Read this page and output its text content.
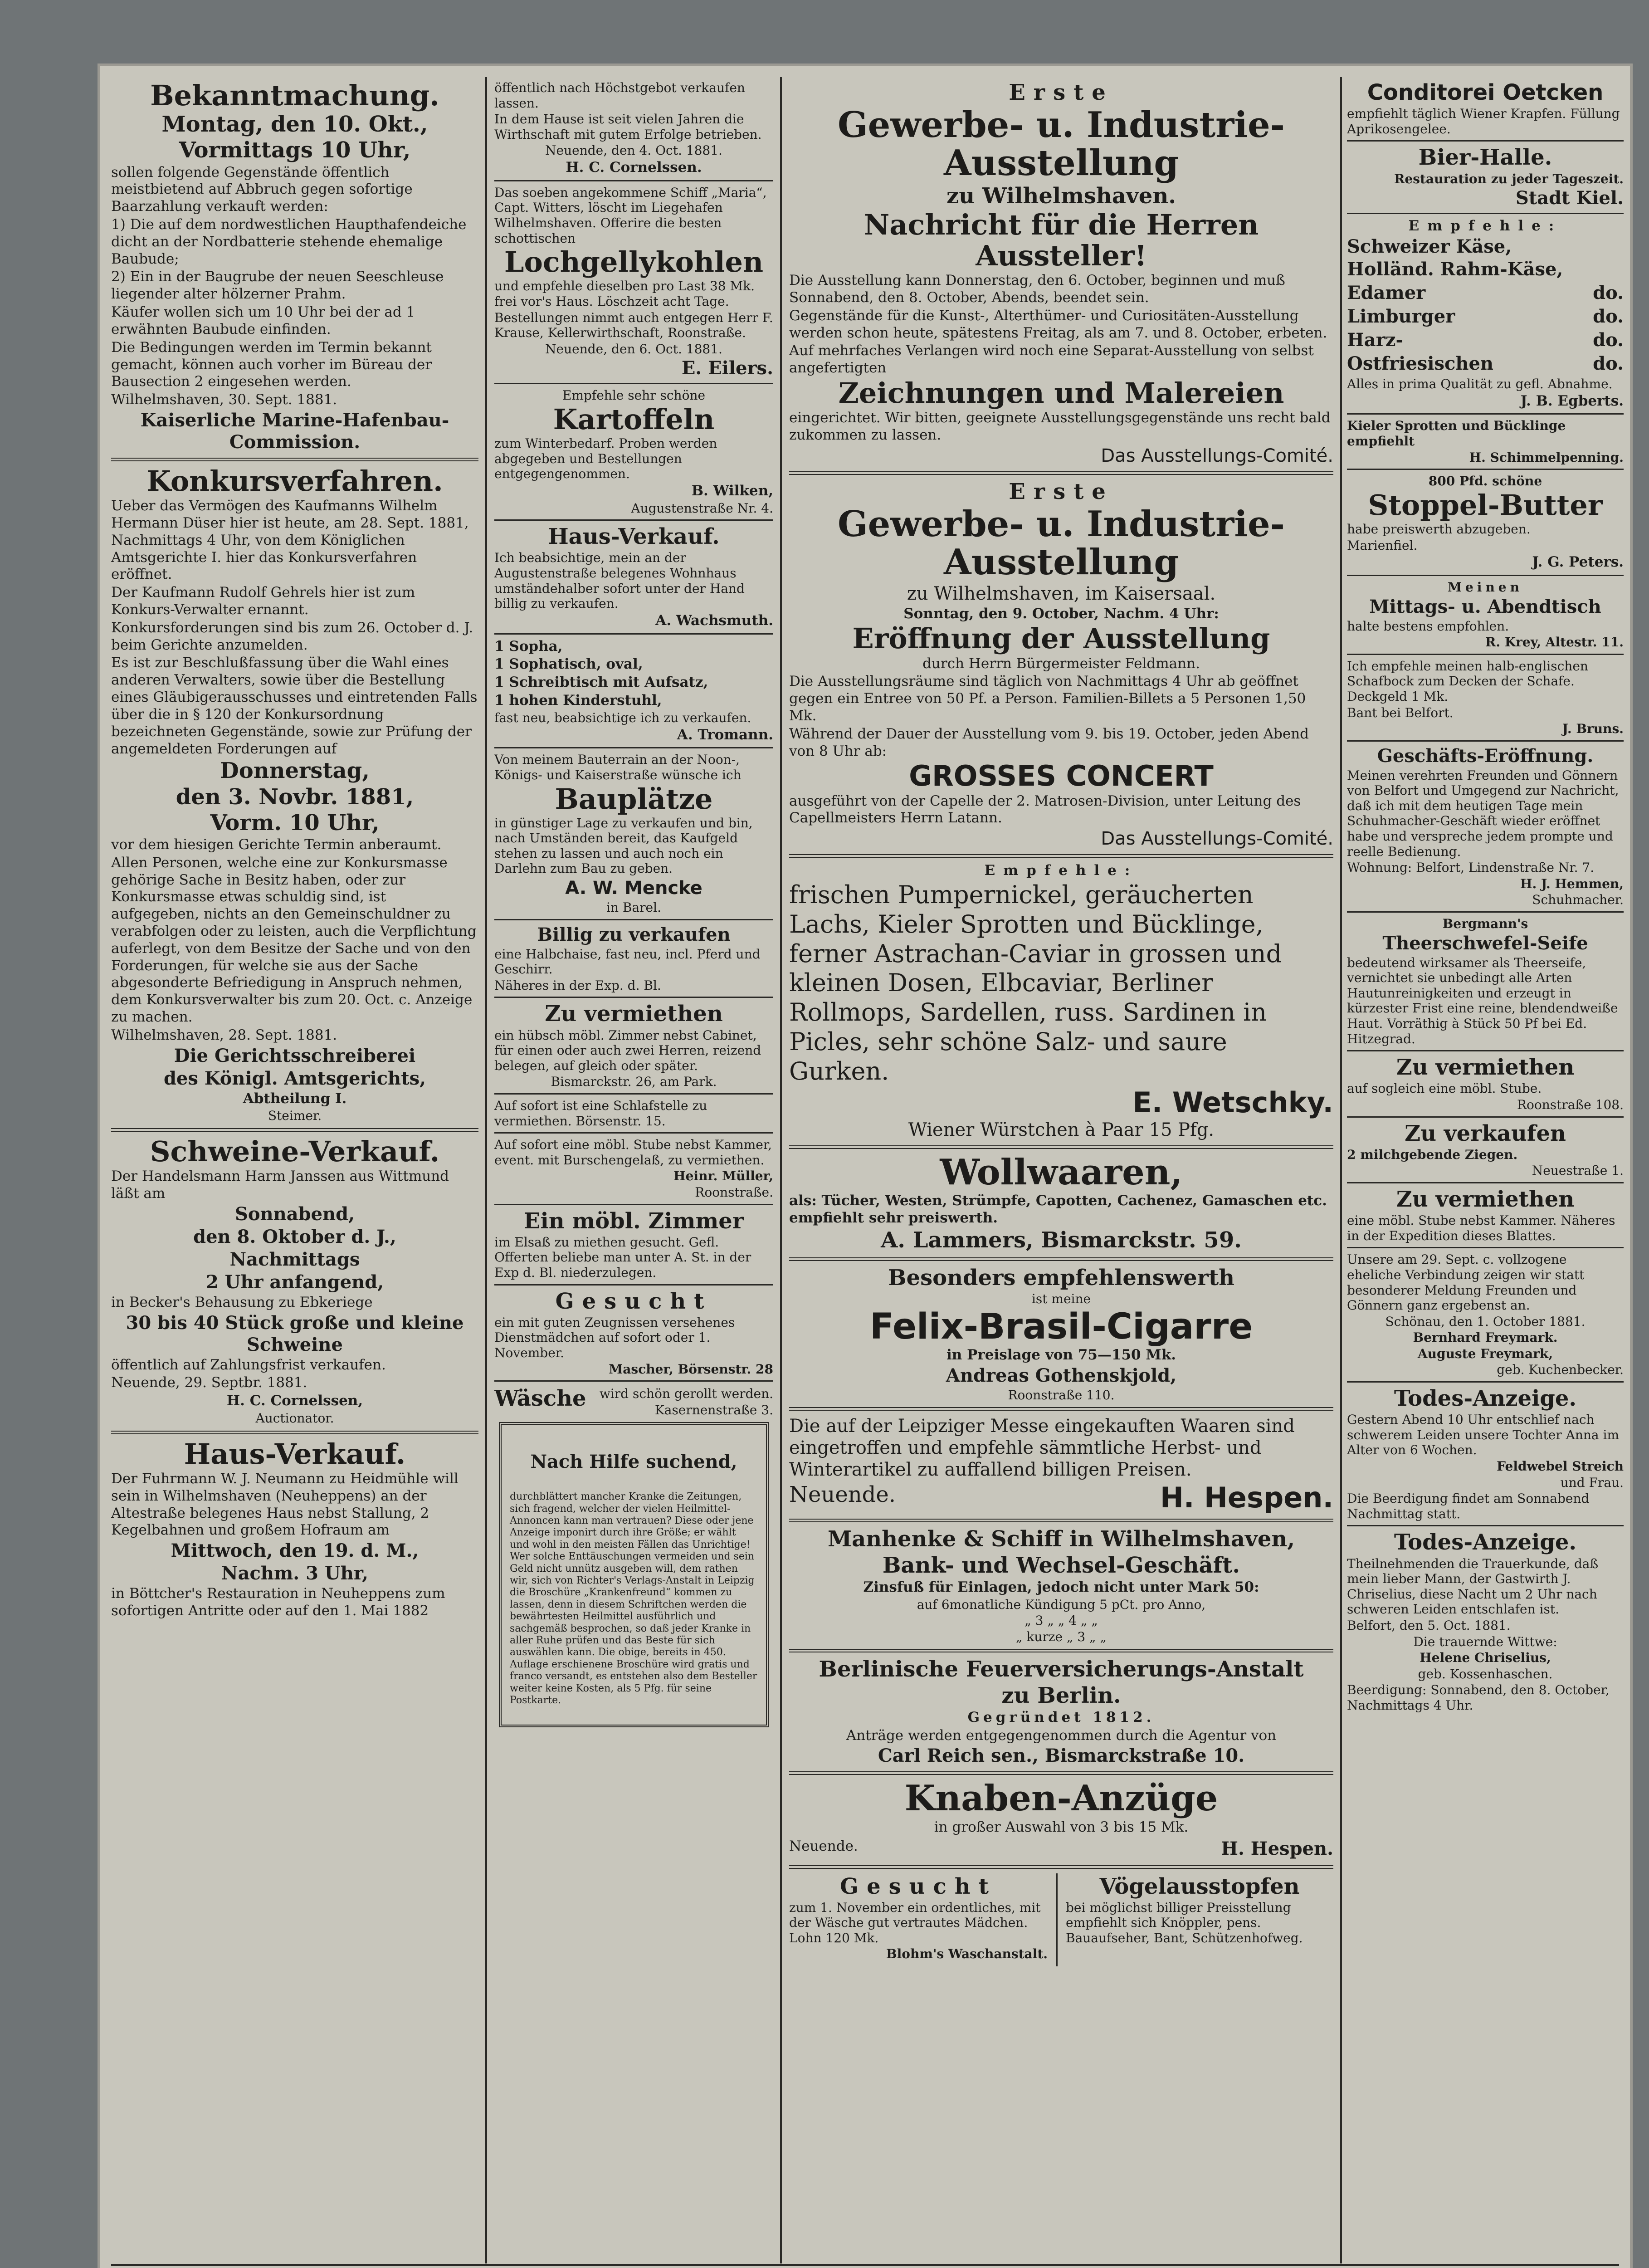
Bekanntmachung.

Montag, den 10. Okt.,

Vormittags 10 Uhr,

sollen folgende Gegenstände öffentlich meistbietend auf Abbruch gegen sofortige Baarzahlung verkauft werden:

1) Die auf dem nordwestlichen Haupthafendeiche dicht an der Nordbatterie stehende ehemalige Baubude;

2) Ein in der Baugrube der neuen Seeschleuse liegender alter hölzerner Prahm.

Käufer wollen sich um 10 Uhr bei der ad 1 erwähnten Baubude einfinden.

Die Bedingungen werden im Termin bekannt gemacht, können auch vorher im Büreau der Bausection 2 eingesehen werden.

Wilhelmshaven, 30. Sept. 1881.

Kaiserliche Marine-Hafenbau-Commission.

Konkursverfahren.

Ueber das Vermögen des Kaufmanns Wilhelm Hermann Düser hier ist heute, am 28. Sept. 1881, Nachmittags 4 Uhr, von dem Königlichen Amtsgerichte I. hier das Konkursverfahren eröffnet.

Der Kaufmann Rudolf Gehrels hier ist zum Konkurs-Verwalter ernannt.

Konkursforderungen sind bis zum 26. October d. J. beim Gerichte anzumelden.

Es ist zur Beschlußfassung über die Wahl eines anderen Verwalters, sowie über die Bestellung eines Gläubigerausschusses und eintretenden Falls über die in § 120 der Konkursordnung bezeichneten Gegenstände, sowie zur Prüfung der angemeldeten Forderungen auf

Donnerstag,

den 3. Novbr. 1881,

Vorm. 10 Uhr,

vor dem hiesigen Gerichte Termin anberaumt.

Allen Personen, welche eine zur Konkursmasse gehörige Sache in Besitz haben, oder zur Konkursmasse etwas schuldig sind, ist aufgegeben, nichts an den Gemeinschuldner zu verabfolgen oder zu leisten, auch die Verpflichtung auferlegt, von dem Besitze der Sache und von den Forderungen, für welche sie aus der Sache abgesonderte Befriedigung in Anspruch nehmen, dem Konkursverwalter bis zum 20. Oct. c. Anzeige zu machen.

Wilhelmshaven, 28. Sept. 1881.

Die Gerichtsschreiberei

des Königl. Amtsgerichts,

Abtheilung I.

Steimer.

Schweine-Verkauf.

Der Handelsmann Harm Janssen aus Wittmund läßt am

Sonnabend,

den 8. Oktober d. J.,

Nachmittags

2 Uhr anfangend,

in Becker's Behausung zu Ebkeriege

30 bis 40 Stück große und kleine Schweine

öffentlich auf Zahlungsfrist verkaufen.

Neuende, 29. Septbr. 1881.

H. C. Cornelssen,

Auctionator.

Haus-Verkauf.

Der Fuhrmann W. J. Neumann zu Heidmühle will sein in Wilhelmshaven (Neuheppens) an der Altestraße belegenes Haus nebst Stallung, 2 Kegelbahnen und großem Hofraum am

Mittwoch, den 19. d. M.,

Nachm. 3 Uhr,

in Böttcher's Restauration in Neuheppens zum sofortigen Antritte oder auf den 1. Mai 1882

öffentlich nach Höchstgebot verkaufen lassen.

In dem Hause ist seit vielen Jahren die Wirthschaft mit gutem Erfolge betrieben.

Neuende, den 4. Oct. 1881.

H. C. Cornelssen.

Das soeben angekommene Schiff „Maria“, Capt. Witters, löscht im Liegehafen Wilhelmshaven. Offerire die besten schottischen

Lochgellykohlen

und empfehle dieselben pro Last 38 Mk. frei vor's Haus. Löschzeit acht Tage.

Bestellungen nimmt auch entgegen Herr F. Krause, Kellerwirthschaft, Roonstraße.

Neuende, den 6. Oct. 1881.

E. Eilers.

Empfehle sehr schöne

Kartoffeln

zum Winterbedarf. Proben werden abgegeben und Bestellungen entgegengenommen.

B. Wilken,

Augustenstraße Nr. 4.

Haus-Verkauf.

Ich beabsichtige, mein an der Augustenstraße belegenes Wohnhaus umständehalber sofort unter der Hand billig zu verkaufen.

A. Wachsmuth.

1 Sopha,

1 Sophatisch, oval,

1 Schreibtisch mit Aufsatz,

1 hohen Kinderstuhl,

fast neu, beabsichtige ich zu verkaufen.

A. Tromann.

Von meinem Bauterrain an der Noon-, Königs- und Kaiserstraße wünsche ich

Bauplätze

in günstiger Lage zu verkaufen und bin, nach Umständen bereit, das Kaufgeld stehen zu lassen und auch noch ein Darlehn zum Bau zu geben.

A. W. Mencke

in Barel.

Billig zu verkaufen

eine Halbchaise, fast neu, incl. Pferd und Geschirr.

Näheres in der Exp. d. Bl.

Zu vermiethen

ein hübsch möbl. Zimmer nebst Cabinet, für einen oder auch zwei Herren, reizend belegen, auf gleich oder später.

Bismarckstr. 26, am Park.

Auf sofort ist eine Schlafstelle zu vermiethen. Börsenstr. 15.

Auf sofort eine möbl. Stube nebst Kammer, event. mit Burschengelaß, zu vermiethen.

Heinr. Müller,

Roonstraße.

Ein möbl. Zimmer

im Elsaß zu miethen gesucht. Gefl. Offerten beliebe man unter A. St. in der Exp d. Bl. niederzulegen.

Gesucht

ein mit guten Zeugnissen versehenes Dienstmädchen auf sofort oder 1. November.

Mascher, Börsenstr. 28

Wäsche wird schön gerollt werden.

Kasernenstraße 3.

Nach Hilfe suchend,

durchblättert mancher Kranke die Zeitungen, sich fragend, welcher der vielen Heilmittel-Annoncen kann man vertrauen? Diese oder jene Anzeige imponirt durch ihre Größe; er wählt und wohl in den meisten Fällen das Unrichtige! Wer solche Enttäuschungen vermeiden und sein Geld nicht unnütz ausgeben will, dem rathen wir, sich von Richter's Verlags-Anstalt in Leipzig die Broschüre „Krankenfreund“ kommen zu lassen, denn in diesem Schriftchen werden die bewährtesten Heilmittel ausführlich und sachgemäß besprochen, so daß jeder Kranke in aller Ruhe prüfen und das Beste für sich auswählen kann. Die obige, bereits in 450. Auflage erschienene Broschüre wird gratis und franco versandt, es entstehen also dem Besteller weiter keine Kosten, als 5 Pfg. für seine Postkarte.

Erste

Gewerbe- u. Industrie-Ausstellung

zu Wilhelmshaven.

Nachricht für die Herren Aussteller!

Die Ausstellung kann Donnerstag, den 6. October, beginnen und muß Sonnabend, den 8. October, Abends, beendet sein.

Gegenstände für die Kunst-, Alterthümer- und Curiositäten-Ausstellung werden schon heute, spätestens Freitag, als am 7. und 8. October, erbeten.

Auf mehrfaches Verlangen wird noch eine Separat-Ausstellung von selbst angefertigten

Zeichnungen und Malereien

eingerichtet. Wir bitten, geeignete Ausstellungsgegenstände uns recht bald zukommen zu lassen.

Das Ausstellungs-Comité.

Erste

Gewerbe- u. Industrie-Ausstellung

zu Wilhelmshaven, im Kaisersaal.

Sonntag, den 9. October, Nachm. 4 Uhr:

Eröffnung der Ausstellung

durch Herrn Bürgermeister Feldmann.

Die Ausstellungsräume sind täglich von Nachmittags 4 Uhr ab geöffnet gegen ein Entree von 50 Pf. a Person. Familien-Billets a 5 Personen 1,50 Mk.

Während der Dauer der Ausstellung vom 9. bis 19. October, jeden Abend von 8 Uhr ab:

GROSSES CONCERT

ausgeführt von der Capelle der 2. Matrosen-Division, unter Leitung des Capellmeisters Herrn Latann.

Das Ausstellungs-Comité.

Empfehle:

frischen Pumpernickel, geräucherten Lachs, Kieler Sprotten und Bücklinge, ferner Astrachan-Caviar in grossen und kleinen Dosen, Elbcaviar, Berliner Rollmops, Sardellen, russ. Sardinen in Picles, sehr schöne Salz- und saure Gurken.

E. Wetschky.

Wiener Würstchen à Paar 15 Pfg.

Wollwaaren,

als: Tücher, Westen, Strümpfe, Capotten, Cachenez, Gamaschen etc. empfiehlt sehr preiswerth.

A. Lammers, Bismarckstr. 59.

Besonders empfehlenswerth

ist meine

Felix-Brasil-Cigarre

in Preislage von 75—150 Mk.

Andreas Gothenskjold,

Roonstraße 110.

Die auf der Leipziger Messe eingekauften Waaren sind eingetroffen und empfehle sämmtliche Herbst- und Winterartikel zu auffallend billigen Preisen.

Neuende.	H. Hespen.

Manhenke & Schiff in Wilhelmshaven,

Bank- und Wechsel-Geschäft.

Zinsfuß für Einlagen, jedoch nicht unter Mark 50:

auf 6monatliche Kündigung 5 pCt. pro Anno,

„ 3 „ „ 4 „ „

„ kurze „ 3 „ „

Berlinische Feuerversicherungs-Anstalt

zu Berlin.

Gegründet 1812.

Anträge werden entgegengenommen durch die Agentur von

Carl Reich sen., Bismarckstraße 10.

Knaben-Anzüge

in großer Auswahl von 3 bis 15 Mk.

Neuende.	H. Hespen.

Gesucht

zum 1. November ein ordentliches, mit der Wäsche gut vertrautes Mädchen. Lohn 120 Mk.

Blohm's Waschanstalt.

Vögelausstopfen

bei möglichst billiger Preisstellung empfiehlt sich Knöppler, pens. Bauaufseher, Bant, Schützenhofweg.

Conditorei Oetcken

empfiehlt täglich Wiener Krapfen. Füllung Aprikosengelee.

Bier-Halle.

Restauration zu jeder Tageszeit.

Stadt Kiel.

Empfehle:

Schweizer Käse,

Holländ. Rahm-Käse,

Edamer	do.

Limburger	do.

Harz-	do.

Ostfriesischen	do.

Alles in prima Qualität zu gefl. Abnahme.

J. B. Egberts.

Kieler Sprotten und Bücklinge empfiehlt

H. Schimmelpenning.

800 Pfd. schöne

Stoppel-Butter

habe preiswerth abzugeben.

Marienfiel.

J. G. Peters.

Meinen

Mittags- u. Abendtisch

halte bestens empfohlen.

R. Krey, Altestr. 11.

Ich empfehle meinen halb-englischen Schafbock zum Decken der Schafe. Deckgeld 1 Mk.

Bant bei Belfort.

J. Bruns.

Geschäfts-Eröffnung.

Meinen verehrten Freunden und Gönnern von Belfort und Umgegend zur Nachricht, daß ich mit dem heutigen Tage mein Schuhmacher-Geschäft wieder eröffnet habe und verspreche jedem prompte und reelle Bedienung.

Wohnung: Belfort, Lindenstraße Nr. 7.

H. J. Hemmen,

Schuhmacher.

Bergmann's

Theerschwefel-Seife

bedeutend wirksamer als Theerseife, vernichtet sie unbedingt alle Arten Hautunreinigkeiten und erzeugt in kürzester Frist eine reine, blendendweiße Haut. Vorräthig à Stück 50 Pf bei Ed. Hitzegrad.

Zu vermiethen

auf sogleich eine möbl. Stube.

Roonstraße 108.

Zu verkaufen

2 milchgebende Ziegen.

Neuestraße 1.

Zu vermiethen

eine möbl. Stube nebst Kammer. Näheres in der Expedition dieses Blattes.

Unsere am 29. Sept. c. vollzogene eheliche Verbindung zeigen wir statt besonderer Meldung Freunden und Gönnern ganz ergebenst an.

Schönau, den 1. October 1881.

Bernhard Freymark.

Auguste Freymark,

geb. Kuchenbecker.

Todes-Anzeige.

Gestern Abend 10 Uhr entschlief nach schwerem Leiden unsere Tochter Anna im Alter von 6 Wochen.

Feldwebel Streich

und Frau.

Die Beerdigung findet am Sonnabend Nachmittag statt.

Todes-Anzeige.

Theilnehmenden die Trauerkunde, daß mein lieber Mann, der Gastwirth J. Chriselius, diese Nacht um 2 Uhr nach schweren Leiden entschlafen ist.

Belfort, den 5. Oct. 1881.

Die trauernde Wittwe:

Helene Chriselius,

geb. Kossenhaschen.

Beerdigung: Sonnabend, den 8. October, Nachmittags 4 Uhr.
